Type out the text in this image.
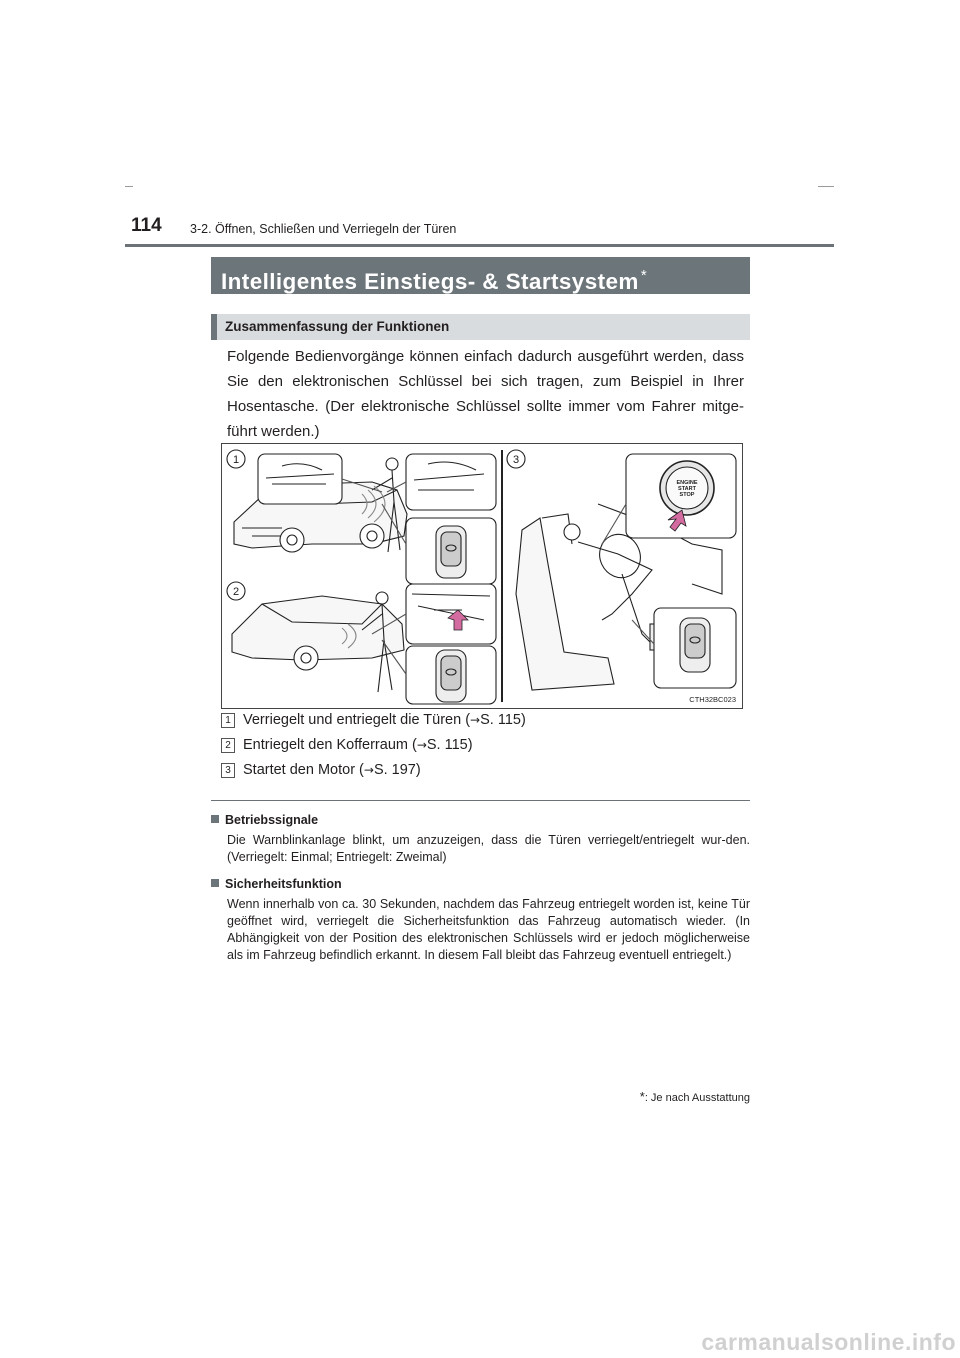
114 3-2. Öffnen, Schließen und Verriegeln der Türen
Intelligentes Einstiegs- & Startsystem *
Zusammenfassung der Funktionen

Folgende Bedienvorgänge können einfach dadurch ausgeführt werden, dass Sie den elektronischen Schlüssel bei sich tragen, zum Beispiel in Ihrer Hosentasche. (Der elektronische Schlüssel sollte immer vom Fahrer mitge-führt werden.)

1
2
3
ENGINE
START
STOP
CTH32BC023
1 Verriegelt und entriegelt die Türen (→S. 115)
2 Entriegelt den Kofferraum (→S. 115)
3 Startet den Motor (→S. 197)
Betriebssignale
Die Warnblinkanlage blinkt, um anzuzeigen, dass die Türen verriegelt/entriegelt wur-den. (Verriegelt: Einmal; Entriegelt: Zweimal)
Sicherheitsfunktion
Wenn innerhalb von ca. 30 Sekunden, nachdem das Fahrzeug entriegelt worden ist, keine Tür geöffnet wird, verriegelt die Sicherheitsfunktion das Fahrzeug automatisch wieder. (In Abhängigkeit von der Position des elektronischen Schlüssels wird er jedoch möglicherweise als im Fahrzeug befindlich erkannt. In diesem Fall bleibt das Fahrzeug eventuell entriegelt.)
*: Je nach Ausstattung
carmanualsonline.info
